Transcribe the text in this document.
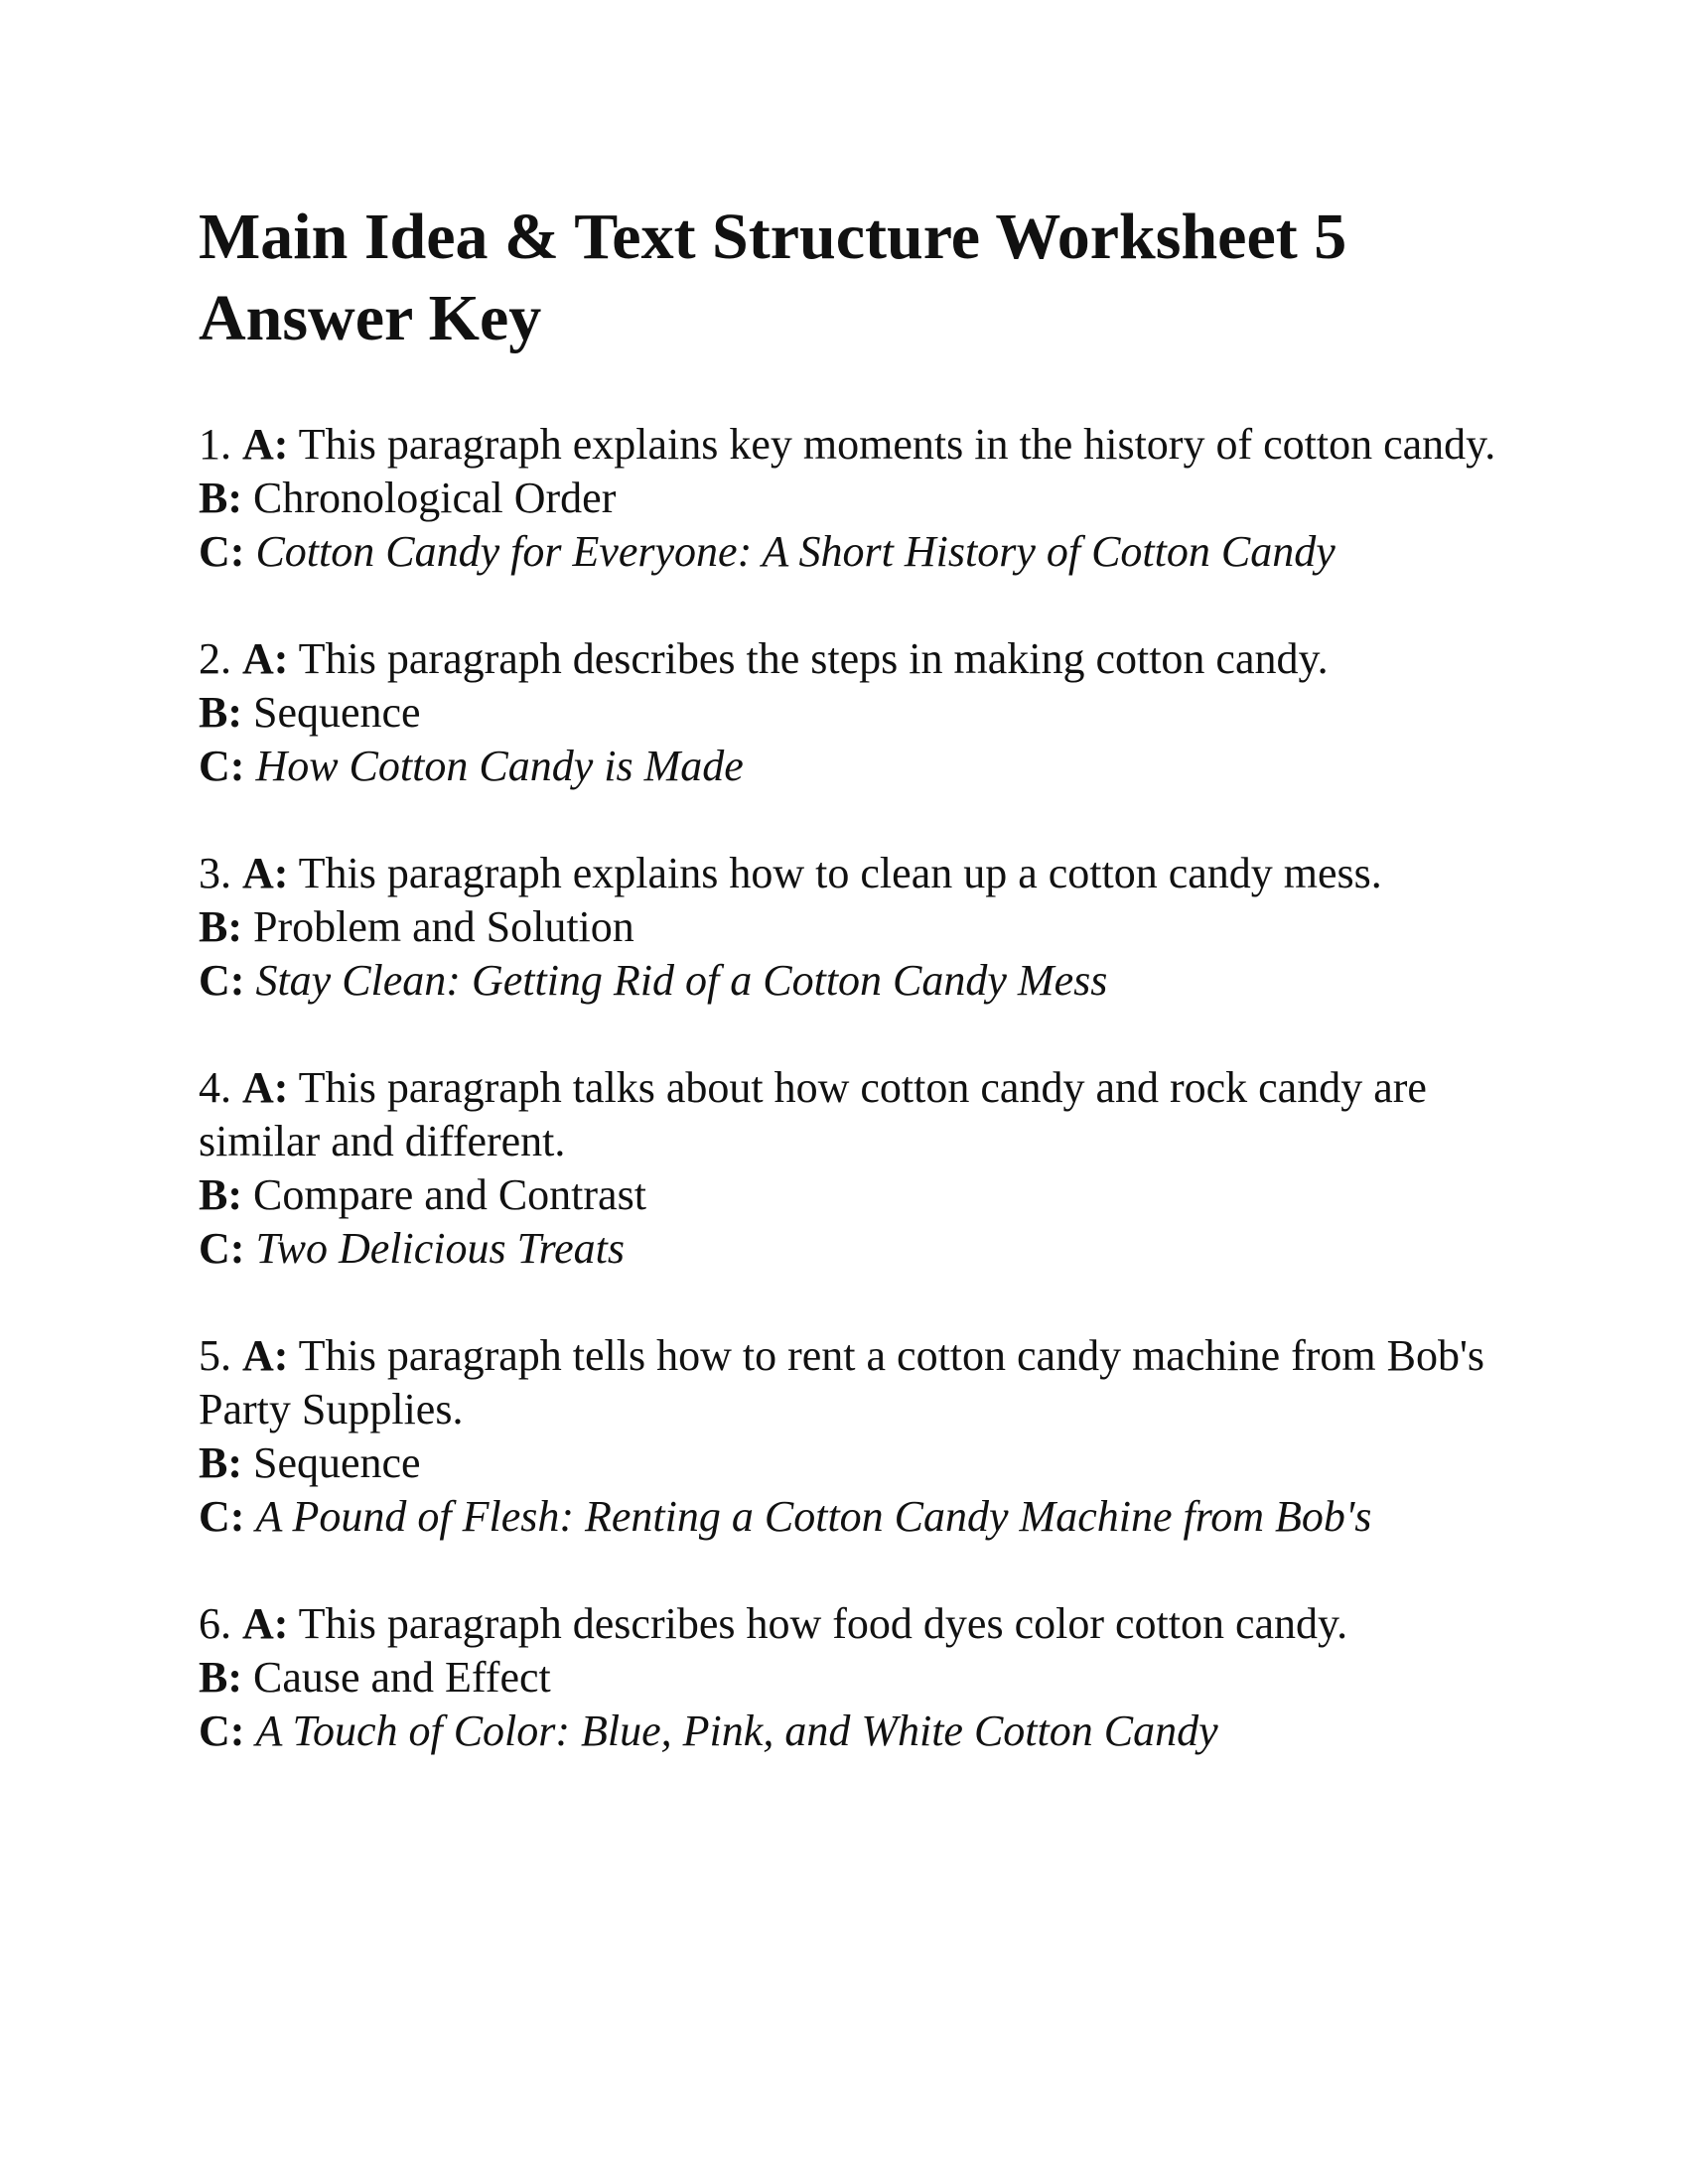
Main Idea & Text Structure Worksheet 5
Answer Key
1. A: This paragraph explains key moments in the history of cotton candy.
B: Chronological Order
C: Cotton Candy for Everyone: A Short History of Cotton Candy
2. A: This paragraph describes the steps in making cotton candy.
B: Sequence
C: How Cotton Candy is Made
3. A: This paragraph explains how to clean up a cotton candy mess.
B: Problem and Solution
C: Stay Clean: Getting Rid of a Cotton Candy Mess
4. A: This paragraph talks about how cotton candy and rock candy are similar and different.
B: Compare and Contrast
C: Two Delicious Treats
5. A: This paragraph tells how to rent a cotton candy machine from Bob's Party Supplies.
B: Sequence
C: A Pound of Flesh: Renting a Cotton Candy Machine from Bob's
6. A: This paragraph describes how food dyes color cotton candy.
B: Cause and Effect
C: A Touch of Color: Blue, Pink, and White Cotton Candy
